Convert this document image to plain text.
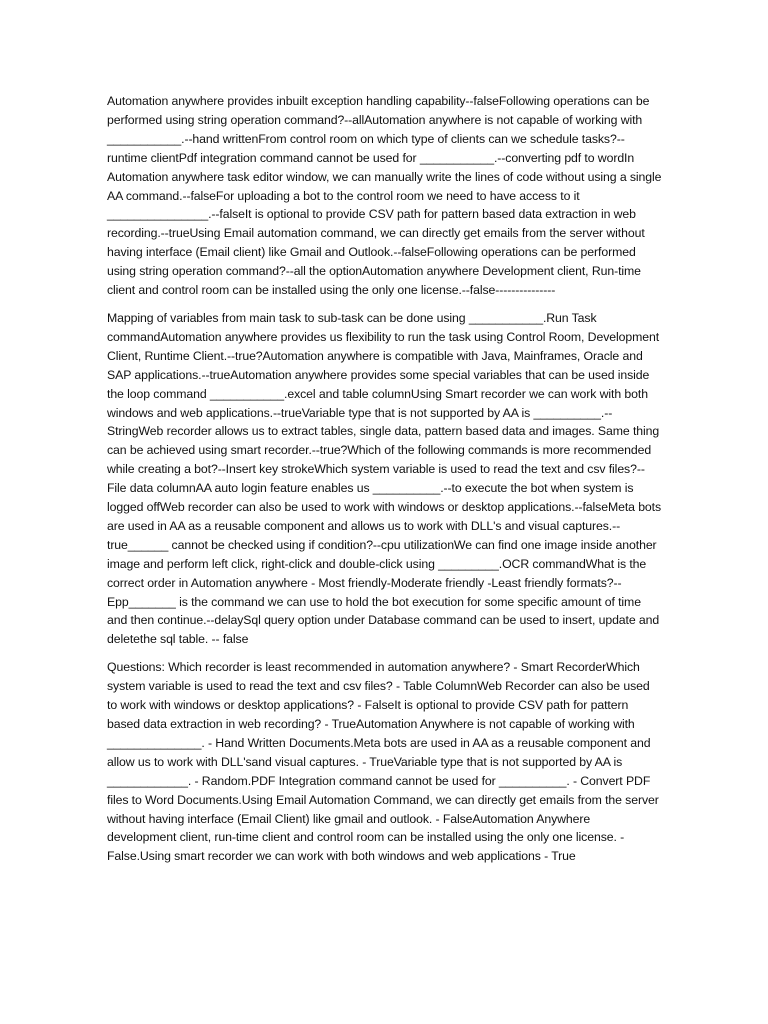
Automation anywhere provides inbuilt exception handling capability--falseFollowing operations can be performed using string operation command?--allAutomation anywhere is not capable of working with ___________.--hand writtenFrom control room on which type of clients can we schedule tasks?--runtime clientPdf integration command cannot be used for ___________.--converting pdf to wordIn Automation anywhere task editor window, we can manually write the lines of code without using a single AA command.--falseFor uploading a bot to the control room we need to have access to it _______________.--falseIt is optional to provide CSV path for pattern based data extraction in web recording.--trueUsing Email automation command, we can directly get emails from the server without having interface (Email client) like Gmail and Outlook.--falseFollowing operations can be performed using string operation command?--all the optionAutomation anywhere Development client, Run-time client and control room can be installed using the only one license.--false---------------

Mapping of variables from main task to sub-task can be done using ___________.Run Task commandAutomation anywhere provides us flexibility to run the task using Control Room, Development Client, Runtime Client.--true?Automation anywhere is compatible with Java, Mainframes, Oracle and SAP applications.--trueAutomation anywhere provides some special variables that can be used inside the loop command ___________.excel and table columnUsing Smart recorder we can work with both windows and web applications.--trueVariable type that is not supported by AA is __________.--StringWeb recorder allows us to extract tables, single data, pattern based data and images. Same thing can be achieved using smart recorder.--true?Which of the following commands is more recommended while creating a bot?--Insert key strokeWhich system variable is used to read the text and csv files?--File data columnAA auto login feature enables us __________.--to execute the bot when system is logged offWeb recorder can also be used to work with windows or desktop applications.--falseMeta bots are used in AA as a reusable component and allows us to work with DLL's and visual captures.--true______ cannot be checked using if condition?--cpu utilizationWe can find one image inside another image and perform left click, right-click and double-click using _________.OCR commandWhat is the correct order in Automation anywhere - Most friendly-Moderate friendly -Least friendly formats?--Epp_______ is the command we can use to hold the bot execution for some specific amount of time and then continue.--delaySql query option under Database command can be used to insert, update and deletethe sql table. -- false

Questions: Which recorder is least recommended in automation anywhere? - Smart RecorderWhich system variable is used to read the text and csv files? - Table ColumnWeb Recorder can also be used to work with windows or desktop applications? - FalseIt is optional to provide CSV path for pattern based data extraction in web recording? - TrueAutomation Anywhere is not capable of working with ______________. - Hand Written Documents.Meta bots are used in AA as a reusable component and allow us to work with DLL'sand visual captures. - TrueVariable type that is not supported by AA is ____________. - Random.PDF Integration command cannot be used for __________. - Convert PDF files to Word Documents.Using Email Automation Command, we can directly get emails from the server without having interface (Email Client) like gmail and outlook. - FalseAutomation Anywhere development client, run-time client and control room can be installed using the only one license. - False.Using smart recorder we can work with both windows and web applications - True
